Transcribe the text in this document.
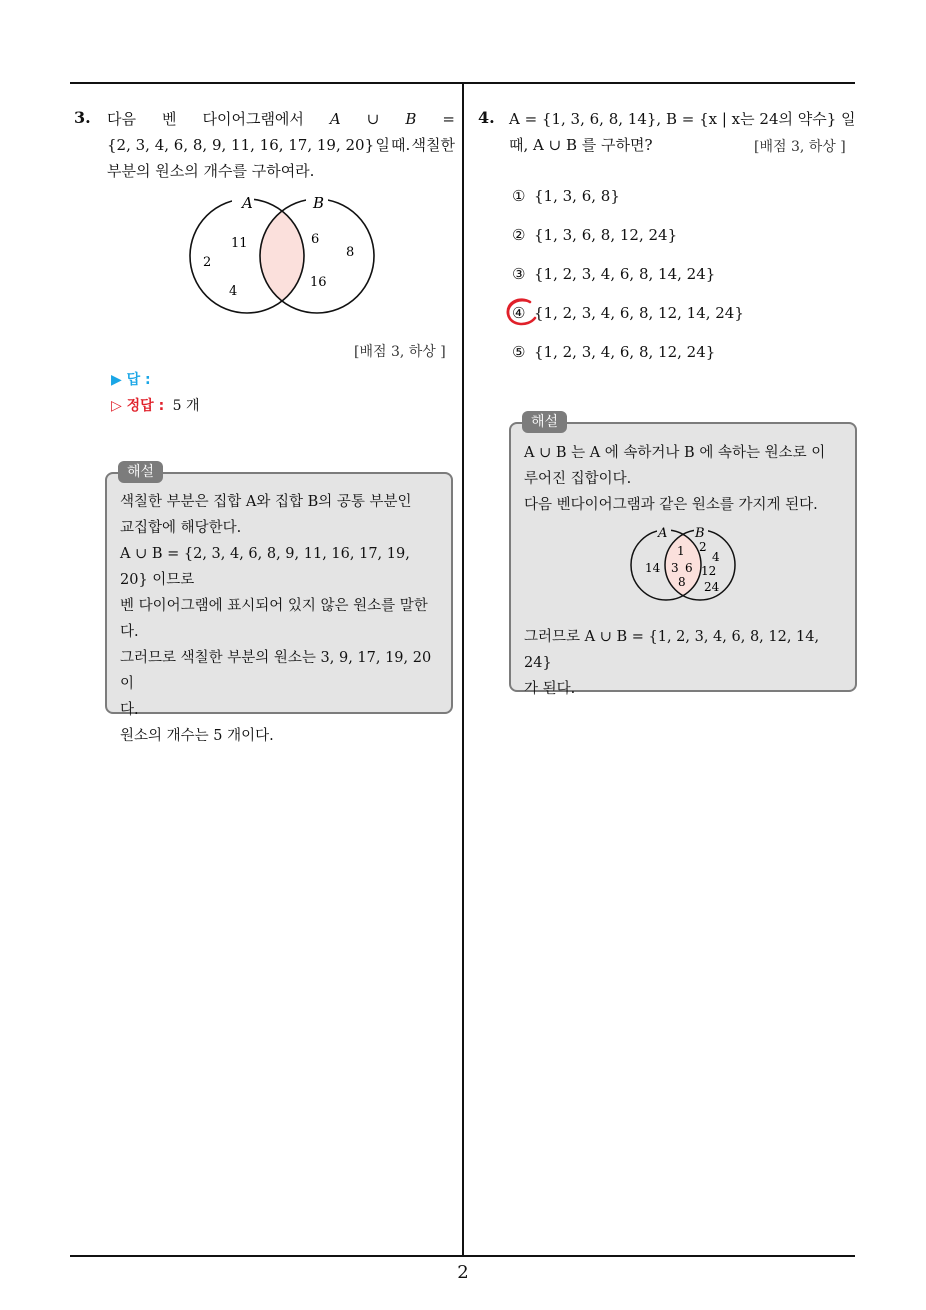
2
3. 다음 벤 다이어그램에서 A ∪ B =
{2, 3, 4, 6, 8, 9, 11, 16, 17, 19, 20} 일 때. 색칠한
부분의 원소의 개수를 구하여라.
A	B
11
2
4
6
8
16
[배점 3, 하상 ]
▶ 답 :
▷ 정답 : 5 개
해설
색칠한 부분은 집합 A와 집합 B의 공통 부분인
교집합에 해당한다.
A ∪ B = {2, 3, 4, 6, 8, 9, 11, 16, 17, 19, 20} 이므로
벤 다이어그램에 표시되어 있지 않은 원소를 말한
다.
그러므로 색칠한 부분의 원소는 3, 9, 17, 19, 20 이
다.
원소의 개수는 5 개이다.
4. A = {1, 3, 6, 8, 14}, B = {x | x는 24의 약수} 일
때, A ∪ B 를 구하면?	[배점 3, 하상 ]
① {1, 3, 6, 8}
② {1, 3, 6, 8, 12, 24}
③ {1, 2, 3, 4, 6, 8, 14, 24}
④ {1, 2, 3, 4, 6, 8, 12, 14, 24}
⑤ {1, 2, 3, 4, 6, 8, 12, 24}
해설
A ∪ B 는 A 에 속하거나 B 에 속하는 원소로 이
루어진 집합이다.
다음 벤다이어그램과 같은 원소를 가지게 된다.
A B
1 2
4
14 3 6 12
8 24
그러므로 A ∪ B = {1, 2, 3, 4, 6, 8, 12, 14, 24}
가 된다.
